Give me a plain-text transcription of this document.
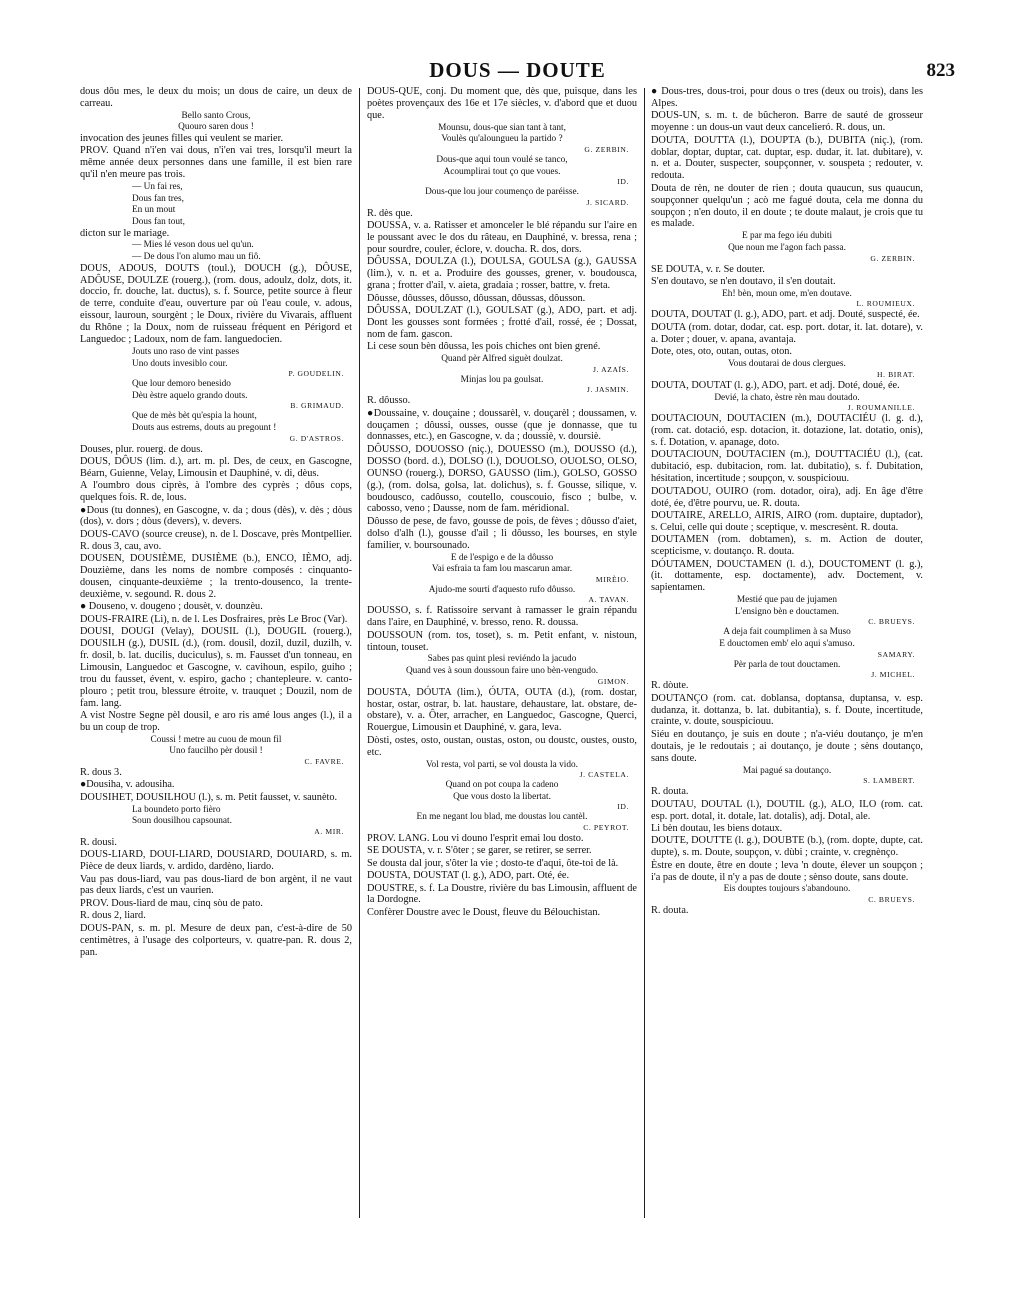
DOUS — DOUTE	823

dous dôu mes, le deux du mois; un dous de caire, un deux de carreau.

Bello santo Crous,

Quouro saren dous !

invocation des jeunes filles qui veulent se marier.

PROV. Quand n'i'en vai dous, n'i'en vai tres, lorsqu'il meurt la même année deux personnes dans une famille, il est bien rare qu'il n'en meure pas trois.

— Un fai res,

Dous fan tres,

En un mout

Dous fan tout,

dicton sur le mariage.

— Mies lé veson dous uel qu'un.

— De dous l'on alumo mau un fiô.

DOUS, ADOUS, DOUTS (toul.), DOUCH (g.), DÔUSE, ADÔUSE, DOULZE (rouerg.), (rom. dous, adoulz, dolz, dots, it. doccio, fr. douche, lat. ductus), s. f. Source, petite source à fleur de terre, conduite d'eau, ouverture par où l'eau coule, v. adous, eissour, lauroun, sourgènt ; le Doux, rivière du Vivarais, affluent du Rhône ; la Doux, nom de ruisseau fréquent en Périgord et Languedoc ; Ladoux, nom de fam. languedocien.

Jouts uno raso de vint passes

Uno douts invesiblo cour.

P. GOUDELIN.

Que lour demoro benesido

Dèu èstre aquelo grando douts.

B. GRIMAUD.

Que de mès bèt qu'espia la hount,

Douts aus estrems, douts au pregount !

G. D'ASTROS.

Douses, plur. rouerg. de dous.

DOUS, DÔUS (lim. d.), art. m. pl. Des, de ceux, en Gascogne, Béarn, Guienne, Velay, Limousin et Dauphiné, v. di, dèus.

A l'oumbro dous ciprès, à l'ombre des cyprès ; dôus cops, quelques fois. R. de, lous.

●Dous (tu donnes), en Gascogne, v. da ; dous (dès), v. dès ; dòus (dos), v. dors ; dòus (devers), v. devers.

DOUS-CAVO (source creuse), n. de l. Doscave, près Montpellier. R. dous 3, cau, avo.

DOUSEN, DOUSIÈME, DUSIÈME (b.), ENCO, IÈMO, adj. Douzième, dans les noms de nombre composés : cinquanto-dousen, cinquante-deuxième ; la trento-dousenco, la trente-deuxième, v. segound. R. dous 2.

● Douseno, v. dougeno ; dousèt, v. dounzèu.

DOUS-FRAIRE (Li), n. de l. Les Dosfraires, près Le Broc (Var).

DOUSI, DOUGI (Velay), DOUSIL (l.), DOUGIL (rouerg.), DOUSILH (g.), DUSIL (d.), (rom. dousil, dozil, duzil, duzilh, v. fr. dosil, b. lat. ducilis, duciculus), s. m. Fausset d'un tonneau, en Limousin, Languedoc et Gascogne, v. cavihoun, espilo, guiho ; trou du fausset, évent, v. espiro, gacho ; chantepleure. v. canto-plouro ; petit trou, blessure étroite, v. trauquet ; Douzil, nom de fam. lang.

A vist Nostre Segne pèl dousil, e aro ris amé lous anges (l.), il a bu un coup de trop.

Coussi ! metre au cuou de moun fil

Uno faucilho pèr dousil !

C. FAVRE.

R. dous 3.

●Dousiha, v. adousiha.

DOUSIHET, DOUSILHOU (l.), s. m. Petit fausset, v. saunèto.

La boundeto porto fièro

Soun dousilhou capsounat.

A. MIR.

R. dousi.

DOUS-LIARD, DOUI-LIARD, DOUSIARD, DOUIARD, s. m. Pièce de deux liards, v. ardido, dardèno, liardo.

Vau pas dous-liard, vau pas dous-liard de bon argènt, il ne vaut pas deux liards, c'est un vaurien.

PROV. Dous-liard de mau, cinq sòu de pato.

R. dous 2, liard.

DOUS-PAN, s. m. pl. Mesure de deux pan, c'est-à-dire de 50 centimètres, à l'usage des colporteurs, v. quatre-pan. R. dous 2, pan.

DOUS-QUE, conj. Du moment que, dès que, puisque, dans les poètes provençaux des 16e et 17e siècles, v. d'abord que et duou que.

Mounsu, dous-que sian tant à tant,

Voulès qu'aloungueu la partido ?

G. ZERBIN.

Dous-que aqui toun voulé se tanco,

Acoumplirai tout ço que voues.

ID.

Dous-que lou jour coumenço de paréisse.

J. SICARD.

R. dès que.

DOUSSA, v. a. Ratisser et amonceler le blé répandu sur l'aire en le poussant avec le dos du râteau, en Dauphiné, v. bressa, rena ; pour sourdre, couler, éclore, v. doucha. R. dos, dors.

DÔUSSA, DOULZA (l.), DOULSA, GOULSA (g.), GAUSSA (lim.), v. n. et a. Produire des gousses, grener, v. boudousca, grana ; frotter d'ail, v. aieta, gradaia ; rosser, battre, v. freta.

Dôusse, dôusses, dôusso, dôussan, dôussas, dôusson.

DÔUSSA, DOULZAT (l.), GOULSAT (g.), ADO, part. et adj. Dont les gousses sont formées ; frotté d'ail, rossé, ée ; Dossat, nom de fam. gascon.

Li cese soun bèn dôussa, les pois chiches ont bien grené.

Quand pèr Alfred siguèt doulzat.

J. AZAÏS.

Minjas lou pa goulsat.

J. JASMIN.

R. dôusso.

●Doussaine, v. douçaine ; doussarèl, v. douçarèl ; doussamen, v. douçamen ; dôussi, ousses, ousse (que je donnasse, que tu donnasses, etc.), en Gascogne, v. da ; doussiè, v. doursiè.

DÔUSSO, DOUOSSO (niç.), DOUESSO (m.), DOUSSO (d.), DOSSO (bord. d.), DOLSO (l.), DOUOLSO, OUOLSO, OLSO, OUNSO (rouerg.), DORSO, GAUSSO (lim.), GOLSO, GOSSO (g.), (rom. dolsa, golsa, lat. dolichus), s. f. Gousse, silique, v. boudousco, cadôusso, coutello, couscouio, fisco ; bulbe, v. cabosso, veno ; Dausse, nom de fam. méridional.

Dôusso de pese, de favo, gousse de pois, de fèves ; dôusso d'aiet, dolso d'alh (l.), gousse d'ail ; li dôusso, les bourses, en style familier, v. boursounado.

E de l'espigo e de la dôusso

Vai esfraia ta fam lou mascarun amar.

MIRÈIO.

Ajudo-me sourti d'aquesto rufo dôusso.

A. TAVAN.

DOUSSO, s. f. Ratissoire servant à ramasser le grain répandu dans l'aire, en Dauphiné, v. bresso, reno. R. doussa.

DOUSSOUN (rom. tos, toset), s. m. Petit enfant, v. nistoun, tintoun, touset.

Sabes pas quint plesi reviéndo la jacudo

Quand ves à soun doussoun faire uno bèn-vengudo.

GIMON.

DOUSTA, DÓUTA (lim.), ÓUTA, OUTA (d.), (rom. dostar, hostar, ostar, ostrar, b. lat. haustare, dehaustare, lat. obstare, de-obstare), v. a. Ôter, arracher, en Languedoc, Gascogne, Querci, Rouergue, Limousin et Dauphiné, v. gara, leva.

Dòsti, ostes, osto, oustan, oustas, oston, ou doustc, oustes, ousto, etc.

Vol resta, vol parti, se vol dousta la vido.

J. CASTELA.

Quand on pot coupa la cadeno

Que vous dosto la libertat.

ID.

En me negant lou blad, me doustas lou cantèl.

C. PEYROT.

PROV. LANG. Lou vi douno l'esprit emai lou dosto.

SE DOUSTA, v. r. S'ôter ; se garer, se retirer, se serrer.

Se dousta dal jour, s'ôter la vie ; dosto-te d'aqui, ôte-toi de là.

DOUSTA, DOUSTAT (l. g.), ADO, part. Oté, ée.

DOUSTRE, s. f. La Doustre, rivière du bas Limousin, affluent de la Dordogne.

Confèrer Doustre avec le Doust, fleuve du Bélouchistan.

● Dous-tres, dous-troi, pour dous o tres (deux ou trois), dans les Alpes.

DOUS-UN, s. m. t. de bûcheron. Barre de sauté de grosseur moyenne : un dous-un vaut deux cancelieró. R. dous, un.

DOUTA, DOUTTA (l.), DOUPTA (b.), DUBITA (niç.), (rom. doblar, doptar, duptar, cat. duptar, esp. dudar, it. lat. dubitare), v. n. et a. Douter, suspecter, soupçonner, v. souspeta ; redouter, v. redouta.

Douta de rèn, ne douter de rien ; douta quaucun, sus quaucun, soupçonner quelqu'un ; acò me fagué douta, cela me donna du soupçon ; n'en douto, il en doute ; te doute malaut, je crois que tu es malade.

E par ma fego iéu dubiti

Que noun me l'agon fach passa.

G. ZERBIN.

SE DOUTA, v. r. Se douter.

S'en doutavo, se n'en doutavo, il s'en doutait.

Eh! bèn, moun ome, m'en doutave.

L. ROUMIEUX.

DOUTA, DOUTAT (l. g.), ADO, part. et adj. Douté, suspecté, ée.

DOUTA (rom. dotar, dodar, cat. esp. port. dotar, it. lat. dotare), v. a. Doter ; douer, v. apana, avantaja.

Dote, otes, oto, outan, outas, oton.

Vous doutarai de dous clergues.

H. BIRAT.

DOUTA, DOUTAT (l. g.), ADO, part. et adj. Doté, doué, ée.

Devié, la chato, èstre rèn mau doutado.

J. ROUMANILLE.

DOUTACIOUN, DOUTACIEN (m.), DOUTACIÉU (l. g. d.), (rom. cat. dotació, esp. dotacion, it. dotazione, lat. dotatio, onis), s. f. Dotation, v. apanage, doto.

DOUTACIOUN, DOUTACIEN (m.), DOUTTACIÉU (l.), (cat. dubitació, esp. dubitacion, rom. lat. dubitatio), s. f. Dubitation, hésitation, incertitude ; soupçon, v. souspiciouu.

DOUTADOU, OUIRO (rom. dotador, oira), adj. En âge d'être doté, ée, d'être pourvu, ue. R. douta.

DOUTAIRE, ARELLO, AIRIS, AIRO (rom. duptaire, duptador), s. Celui, celle qui doute ; sceptique, v. mescresènt. R. douta.

DOUTAMEN (rom. dobtamen), s. m. Action de douter, scepticisme, v. doutanço. R. douta.

DÓUTAMEN, DOUCTAMEN (l. d.), DOUCTOMENT (l. g.), (it. dottamente, esp. doctamente), adv. Doctement, v. sapientamen.

Mestié que pau de jujamen

L'ensigno bèn e douctamen.

C. BRUEYS.

A deja fait coumplimen à sa Muso

E douctomen emb' elo aqui s'amuso.

SAMARY.

Pèr parla de tout douctamen.

J. MICHEL.

R. dòute.

DOUTANÇO (rom. cat. doblansa, doptansa, duptansa, v. esp. dudanza, it. dottanza, b. lat. dubitantia), s. f. Doute, incertitude, crainte, v. doute, souspiciouu.

Siéu en doutanço, je suis en doute ; n'a-viéu doutanço, je m'en doutais, je le redoutais ; ai doutanço, je doute ; sèns doutanço, sans doute.

Mai pagué sa doutanço.

S. LAMBERT.

R. douta.

DOUTAU, DOUTAL (l.), DOUTIL (g.), ALO, ILO (rom. cat. esp. port. dotal, it. dotale, lat. dotalis), adj. Dotal, ale.

Li bèn doutau, les biens dotaux.

DOUTE, DOUTTE (l. g.), DOUBTE (b.), (rom. dopte, dupte, cat. dupte), s. m. Doute, soupçon, v. dùbi ; crainte, v. cregnènço.

Èstre en doute, être en doute ; leva 'n doute, élever un soupçon ; i'a pas de doute, il n'y a pas de doute ; sènso doute, sans doute.

Eis douptes toujours s'abandouno.

C. BRUEYS.

R. douta.
